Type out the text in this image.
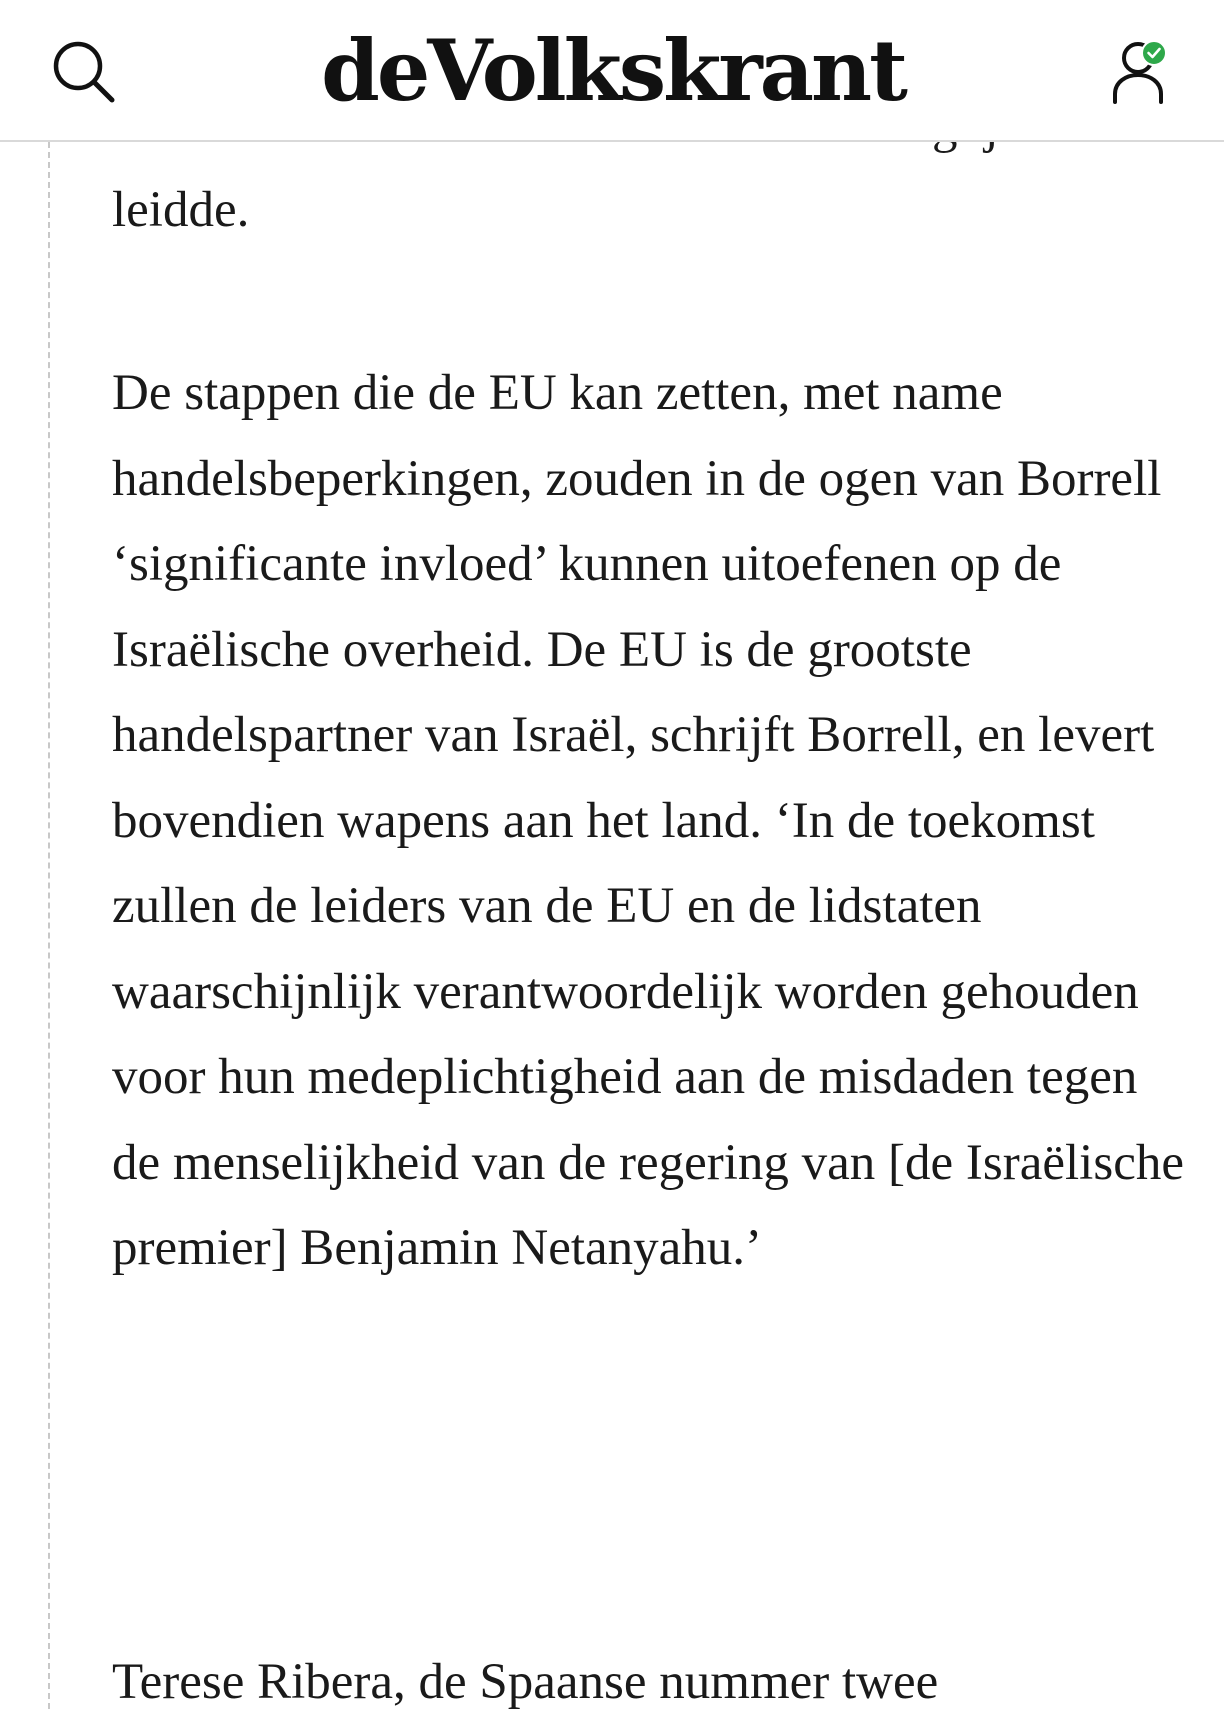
deVolkskrant

leidde.

De stappen die de EU kan zetten, met name handelsbeperkingen, zouden in de ogen van Borrell ‘significante invloed’ kunnen uitoefenen op de Israëlische overheid. De EU is de grootste handelspartner van Israël, schrijft Borrell, en levert bovendien wapens aan het land. ‘In de toekomst zullen de leiders van de EU en de lidstaten waarschijnlijk verantwoordelijk worden gehouden voor hun medeplichtigheid aan de misdaden tegen de menselijkheid van de regering van [de Israëlische premier] Benjamin Netanyahu.’

Terese Ribera, de Spaanse nummer twee
